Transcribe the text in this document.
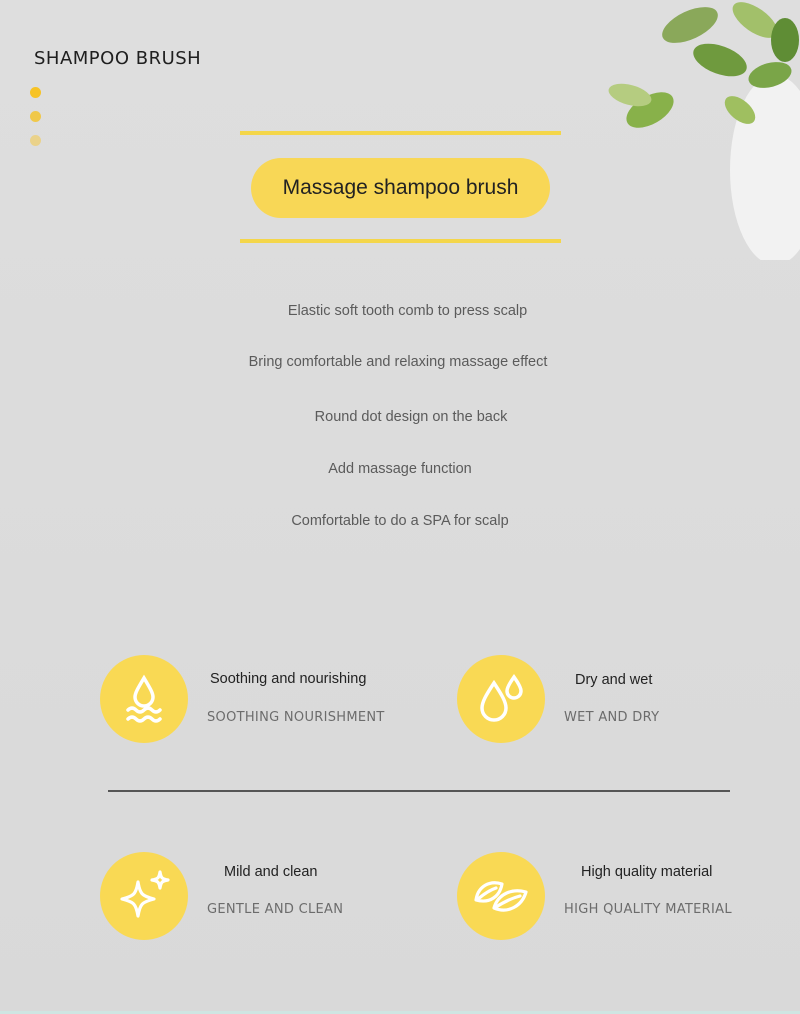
SHAMPOO BRUSH
Massage shampoo brush
Elastic soft tooth comb to press scalp
Bring comfortable and relaxing massage effect
Round dot design on the back
Add massage function
Comfortable to do a SPA for scalp
Soothing and nourishing
SOOTHING NOURISHMENT
Dry and wet
WET AND DRY
Mild and clean
GENTLE AND CLEAN
High quality material
HIGH QUALITY MATERIAL
